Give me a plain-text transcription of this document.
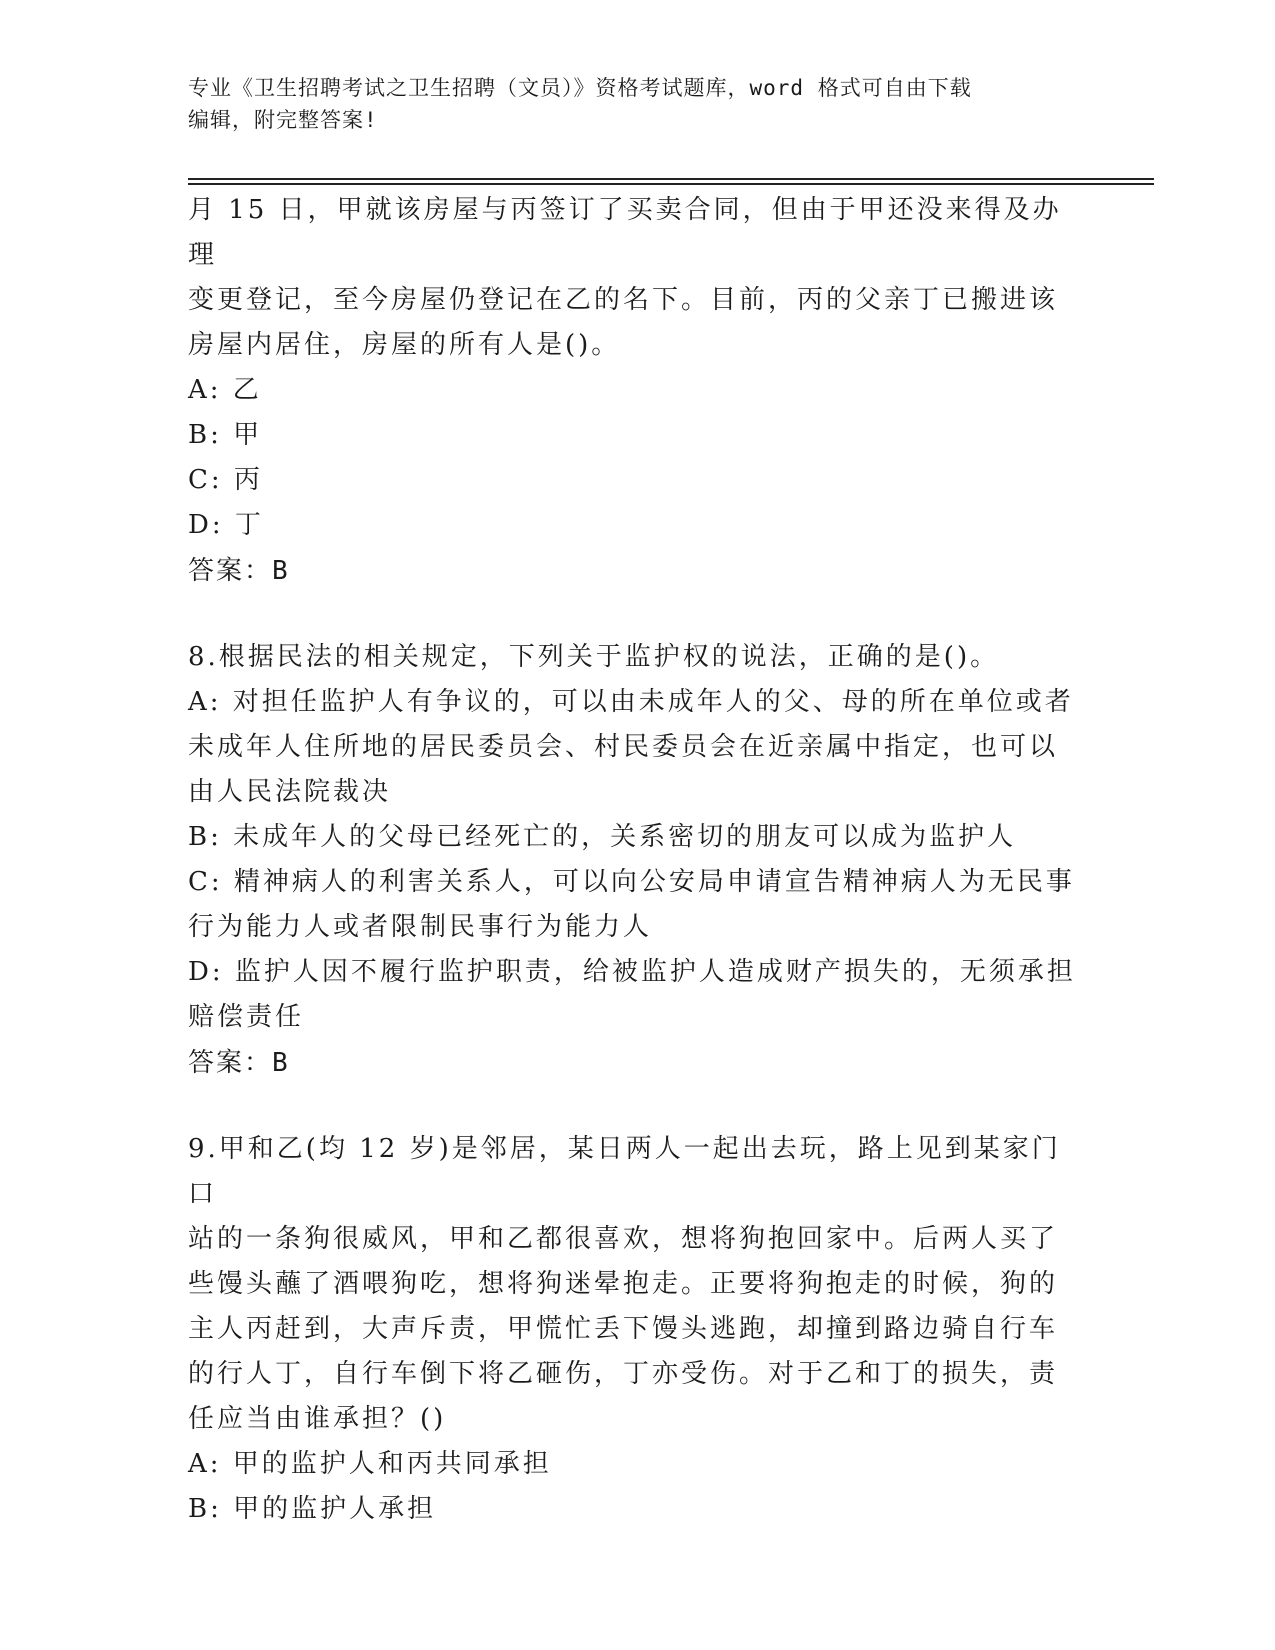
专业《卫生招聘考试之卫生招聘（文员）》资格考试题库，word 格式可自由下载
编辑，附完整答案!

月 15 日，甲就该房屋与丙签订了买卖合同，但由于甲还没来得及办理

变更登记，至今房屋仍登记在乙的名下。目前，丙的父亲丁已搬进该

房屋内居住，房屋的所有人是()。

A: 乙

B: 甲

C: 丙

D: 丁

答案：B

8.根据民法的相关规定，下列关于监护权的说法，正确的是()。

A: 对担任监护人有争议的，可以由未成年人的父、母的所在单位或者

未成年人住所地的居民委员会、村民委员会在近亲属中指定，也可以

由人民法院裁决

B: 未成年人的父母已经死亡的，关系密切的朋友可以成为监护人

C: 精神病人的利害关系人，可以向公安局申请宣告精神病人为无民事

行为能力人或者限制民事行为能力人

D: 监护人因不履行监护职责，给被监护人造成财产损失的，无须承担

赔偿责任

答案：B

9.甲和乙(均 12 岁)是邻居，某日两人一起出去玩，路上见到某家门口

站的一条狗很威风，甲和乙都很喜欢，想将狗抱回家中。后两人买了

些馒头蘸了酒喂狗吃，想将狗迷晕抱走。正要将狗抱走的时候，狗的

主人丙赶到，大声斥责，甲慌忙丢下馒头逃跑，却撞到路边骑自行车

的行人丁，自行车倒下将乙砸伤，丁亦受伤。对于乙和丁的损失，责

任应当由谁承担？()

A: 甲的监护人和丙共同承担

B: 甲的监护人承担
